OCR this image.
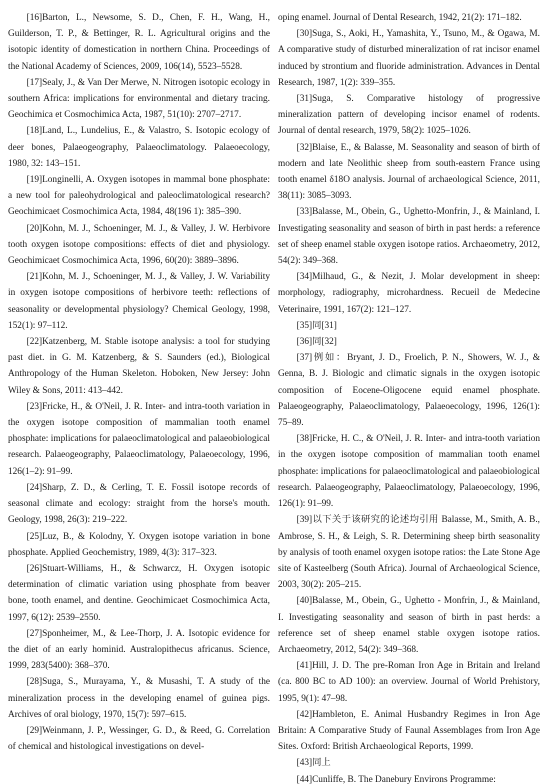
[16]Barton, L., Newsome, S. D., Chen, F. H., Wang, H., Guilderson, T. P., & Bettinger, R. L. Agricultural origins and the isotopic identity of domestication in northern China. Proceedings of the National Academy of Sciences, 2009, 106(14), 5523–5528.

[17]Sealy, J., & Van Der Merwe, N. Nitrogen isotopic ecology in southern Africa: implications for environmental and dietary tracing. Geochimica et Cosmochimica Acta, 1987, 51(10): 2707–2717.

[18]Land, L., Lundelius, E., & Valastro, S. Isotopic ecology of deer bones, Palaeogeography, Palaeoclimatology. Palaeoecology, 1980, 32: 143–151.

[19]Longinelli, A. Oxygen isotopes in mammal bone phosphate: a new tool for paleohydrological and paleoclimatological research? Geochimicaet Cosmochimica Acta, 1984, 48(196 1): 385–390.

[20]Kohn, M. J., Schoeninger, M. J., & Valley, J. W. Herbivore tooth oxygen isotope compositions: effects of diet and physiology. Geochimicaet Cosmochimica Acta, 1996, 60(20): 3889–3896.

[21]Kohn, M. J., Schoeninger, M. J., & Valley, J. W. Variability in oxygen isotope compositions of herbivore teeth: reflections of seasonality or developmental physiology? Chemical Geology, 1998, 152(1): 97–112.

[22]Katzenberg, M. Stable isotope analysis: a tool for studying past diet. in G. M. Katzenberg, & S. Saunders (ed.), Biological Anthropology of the Human Skeleton. Hoboken, New Jersey: John Wiley & Sons, 2011: 413–442.

[23]Fricke, H., & O'Neil, J. R. Inter- and intra-tooth variation in the oxygen isotope composition of mammalian tooth enamel phosphate: implications for palaeoclimatological and palaeobiological research. Palaeogeography, Palaeoclimatology, Palaeoecology, 1996, 126(1–2): 91–99.

[24]Sharp, Z. D., & Cerling, T. E. Fossil isotope records of seasonal climate and ecology: straight from the horse's mouth. Geology, 1998, 26(3): 219–222.

[25]Luz, B., & Kolodny, Y. Oxygen isotope variation in bone phosphate. Applied Geochemistry, 1989, 4(3): 317–323.

[26]Stuart-Williams, H., & Schwarcz, H. Oxygen isotopic determination of climatic variation using phosphate from beaver bone, tooth enamel, and dentine. Geochimicaet Cosmochimica Acta, 1997, 6(12): 2539–2550.

[27]Sponheimer, M., & Lee-Thorp, J. A. Isotopic evidence for the diet of an early hominid. Australopithecus africanus. Science, 1999, 283(5400): 368–370.

[28]Suga, S., Murayama, Y., & Musashi, T. A study of the mineralization process in the developing enamel of guinea pigs. Archives of oral biology, 1970, 15(7): 597–615.

[29]Weinmann, J. P., Wessinger, G. D., & Reed, G. Correlation of chemical and histological investigations on devel-

oping enamel. Journal of Dental Research, 1942, 21(2): 171–182.

[30]Suga, S., Aoki, H., Yamashita, Y., Tsuno, M., & Ogawa, M. A comparative study of disturbed mineralization of rat incisor enamel induced by strontium and fluoride administration. Advances in Dental Research, 1987, 1(2): 339–355.

[31]Suga, S. Comparative histology of progressive mineralization pattern of developing incisor enamel of rodents. Journal of dental research, 1979, 58(2): 1025–1026.

[32]Blaise, E., & Balasse, M. Seasonality and season of birth of modern and late Neolithic sheep from south-eastern France using tooth enamel δ18O analysis. Journal of archaeological Science, 2011, 38(11): 3085–3093.

[33]Balasse, M., Obein, G., Ughetto-Monfrin, J., & Mainland, I. Investigating seasonality and season of birth in past herds: a reference set of sheep enamel stable oxygen isotope ratios. Archaeometry, 2012, 54(2): 349–368.

[34]Milhaud, G., & Nezit, J. Molar development in sheep: morphology, radiography, microhardness. Recueil de Medecine Veterinaire, 1991, 167(2): 121–127.

[35]同[31]

[36]同[32]

[37]例如：Bryant, J. D., Froelich, P. N., Showers, W. J., & Genna, B. J. Biologic and climatic signals in the oxygen isotopic composition of Eocene-Oligocene equid enamel phosphate. Palaeogeography, Palaeoclimatology, Palaeoecology, 1996, 126(1): 75–89.

[38]Fricke, H. C., & O'Neil, J. R. Inter- and intra-tooth variation in the oxygen isotope composition of mammalian tooth enamel phosphate: implications for palaeoclimatological and palaeobiological research. Palaeogeography, Palaeoclimatology, Palaeoecology, 1996, 126(1): 91–99.

[39]以下关于该研究的论述均引用 Balasse, M., Smith, A. B., Ambrose, S. H., & Leigh, S. R. Determining sheep birth seasonality by analysis of tooth enamel oxygen isotope ratios: the Late Stone Age site of Kasteelberg (South Africa). Journal of Archaeological Science, 2003, 30(2): 205–215.

[40]Balasse, M., Obein, G., Ughetto - Monfrin, J., & Mainland, I. Investigating seasonality and season of birth in past herds: a reference set of sheep enamel stable oxygen isotope ratios. Archaeometry, 2012, 54(2): 349–368.

[41]Hill, J. D. The pre-Roman Iron Age in Britain and Ireland (ca. 800 BC to AD 100): an overview. Journal of World Prehistory, 1995, 9(1): 47–98.

[42]Hambleton, E. Animal Husbandry Regimes in Iron Age Britain: A Comparative Study of Faunal Assemblages from Iron Age Sites. Oxford: British Archaeological Reports, 1999.

[43]同上

[44]Cunliffe, B. The Danebury Environs Programme:
